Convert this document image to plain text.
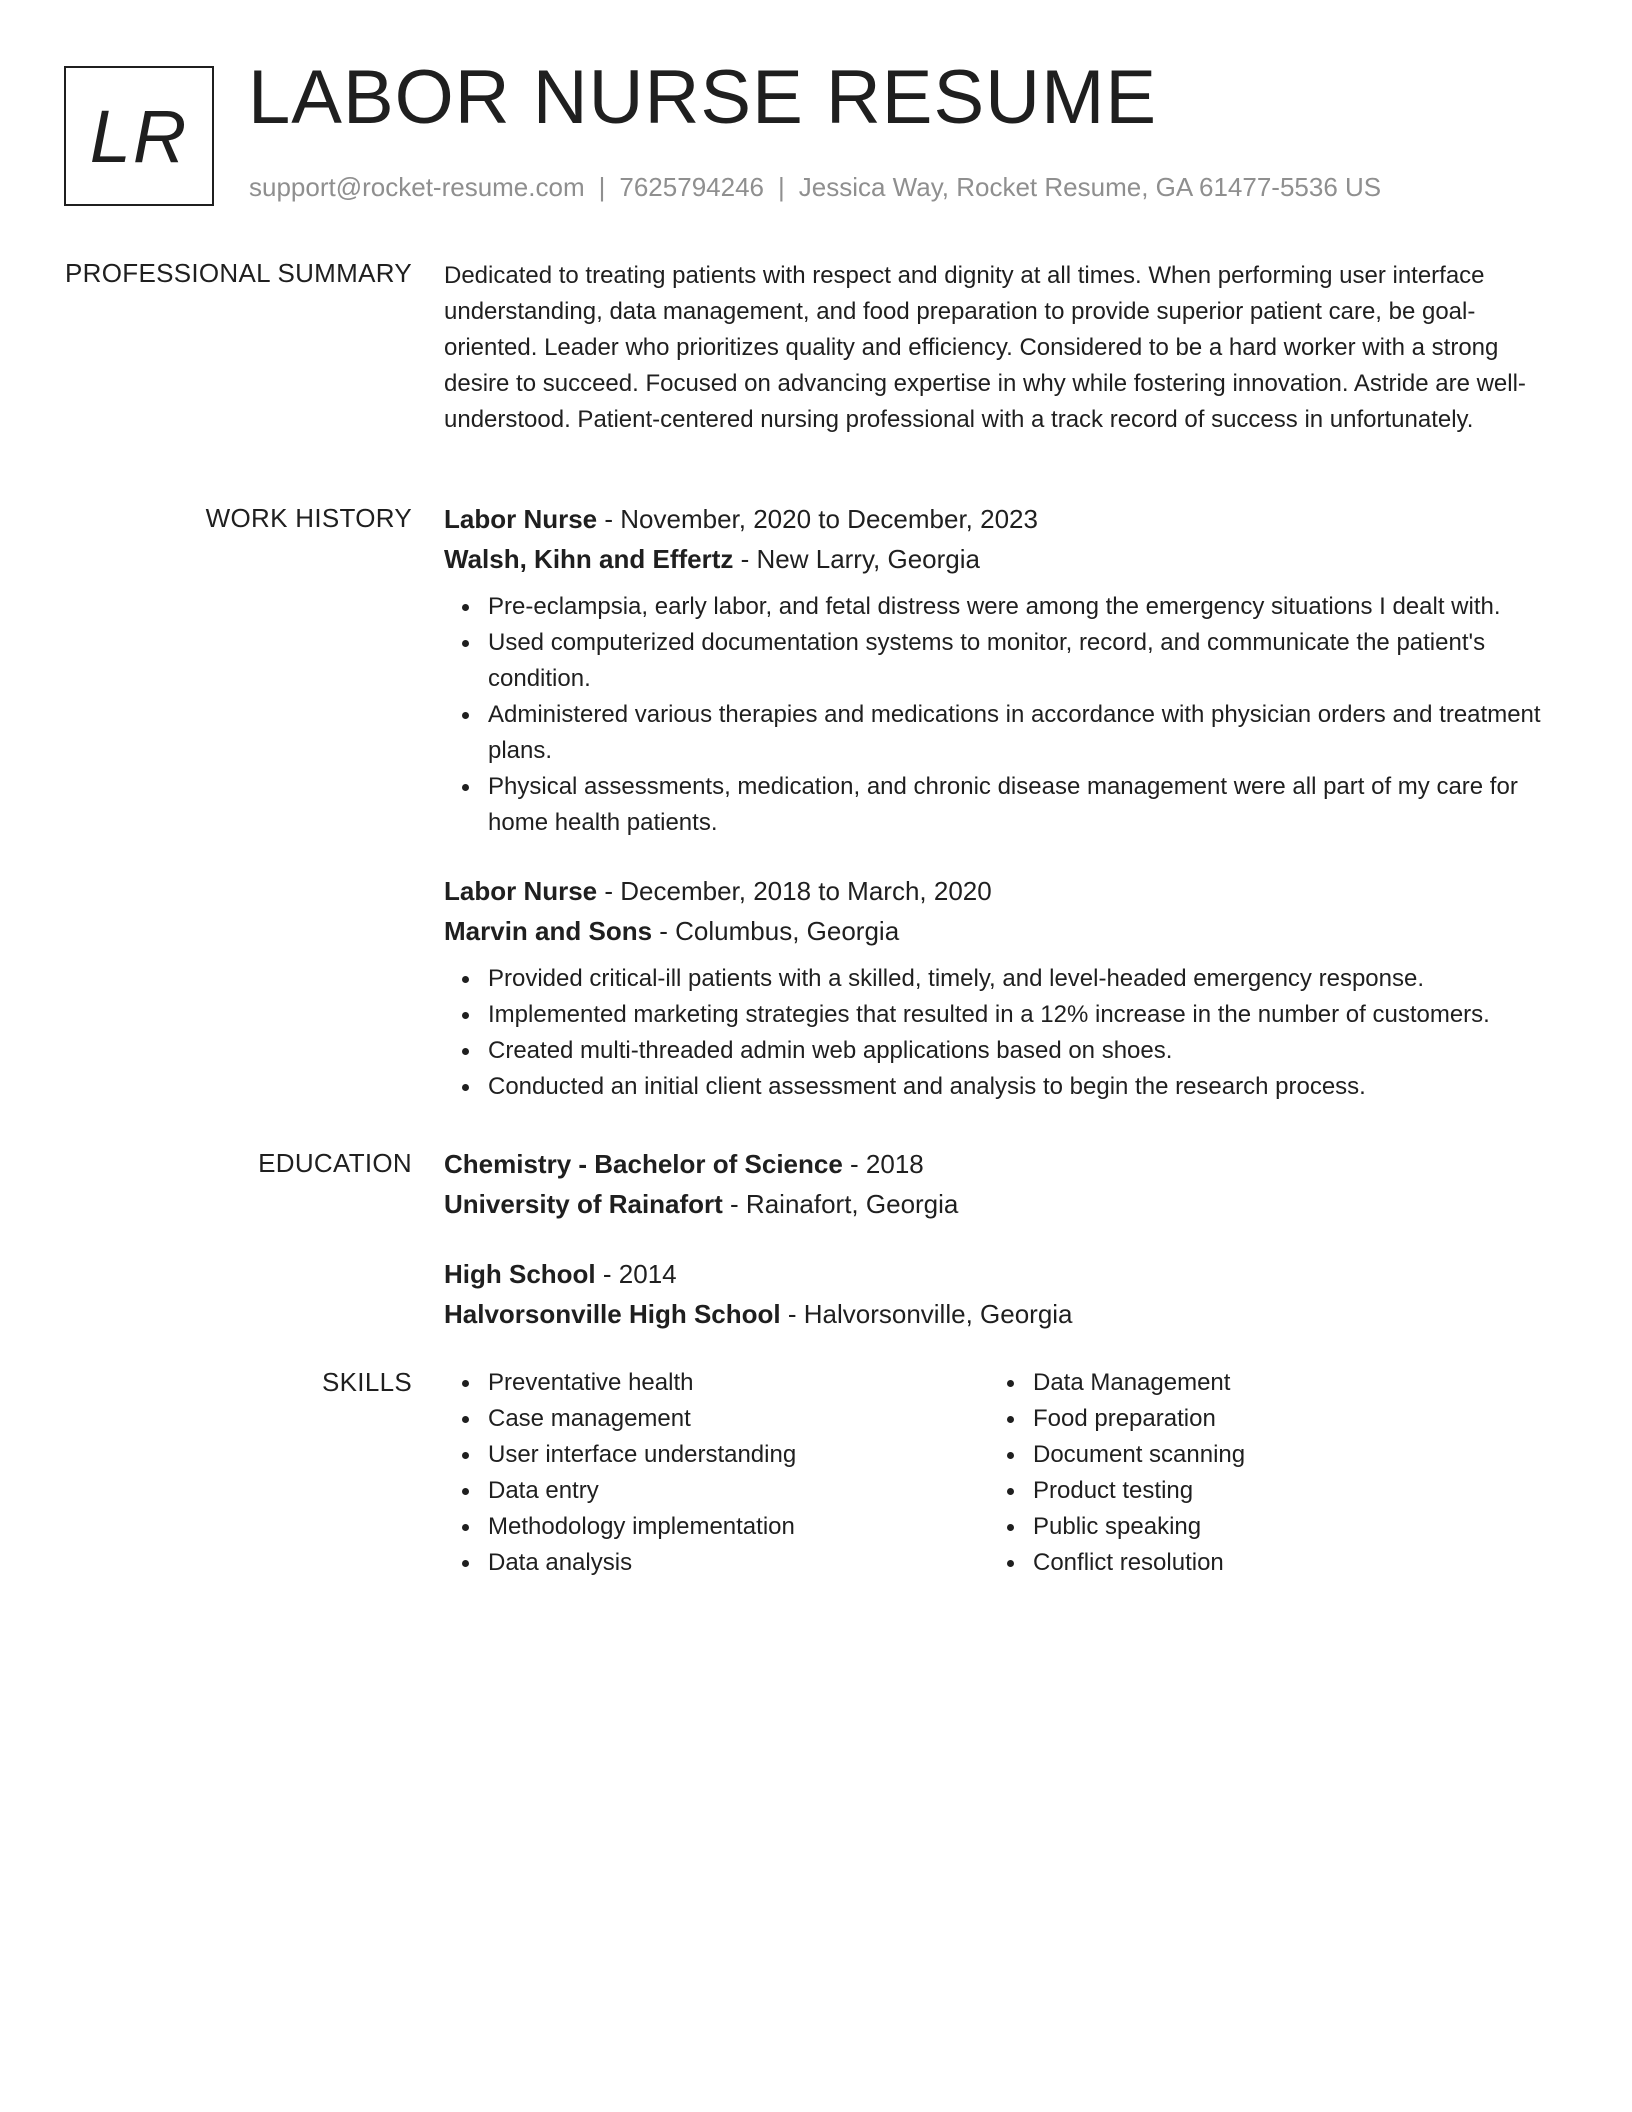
LR LABOR NURSE RESUME
support@rocket-resume.com | 7625794246 | Jessica Way, Rocket Resume, GA 61477-5536 US
PROFESSIONAL SUMMARY Dedicated to treating patients with respect and dignity at all times. When performing user interface understanding, data management, and food preparation to provide superior patient care, be goal-oriented. Leader who prioritizes quality and efficiency. Considered to be a hard worker with a strong desire to succeed. Focused on advancing expertise in why while fostering innovation. Astride are well-understood. Patient-centered nursing professional with a track record of success in unfortunately.

WORK HISTORY Labor Nurse - November, 2020 to December, 2023
Walsh, Kihn and Effertz - New Larry, Georgia
Pre-eclampsia, early labor, and fetal distress were among the emergency situations I dealt with.
Used computerized documentation systems to monitor, record, and communicate the patient's condition.
Administered various therapies and medications in accordance with physician orders and treatment plans.
Physical assessments, medication, and chronic disease management were all part of my care for home health patients.
Labor Nurse - December, 2018 to March, 2020
Marvin and Sons - Columbus, Georgia
Provided critical-ill patients with a skilled, timely, and level-headed emergency response.
Implemented marketing strategies that resulted in a 12% increase in the number of customers.
Created multi-threaded admin web applications based on shoes.
Conducted an initial client assessment and analysis to begin the research process.
EDUCATION Chemistry - Bachelor of Science - 2018
University of Rainafort - Rainafort, Georgia
High School - 2014
Halvorsonville High School - Halvorsonville, Georgia
SKILLS	Preventative health
Case management
User interface understanding
Data entry
Methodology implementation
Data analysis
Data Management
Food preparation
Document scanning
Product testing
Public speaking
Conflict resolution
